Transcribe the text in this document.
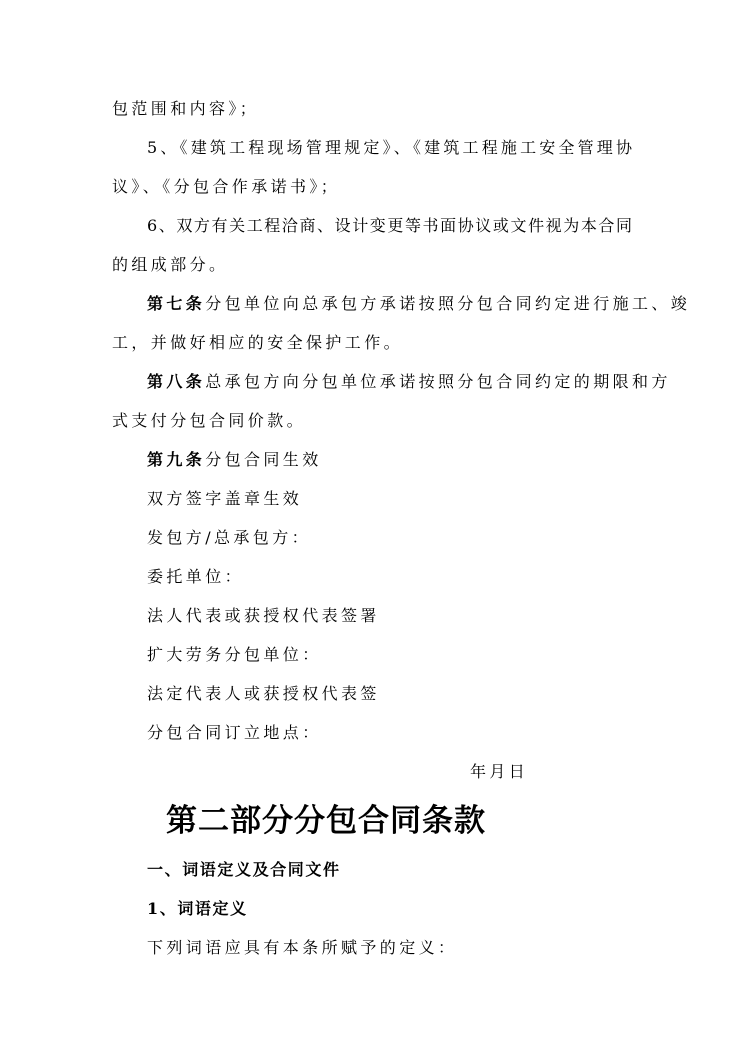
包范围和内容》；
5、《建筑工程现场管理规定》、《建筑工程施工安全管理协
议》、《分包合作承诺书》；
6、双方有关工程洽商、设计变更等书面协议或文件视为本合同
的组成部分。
第七条分包单位向总承包方承诺按照分包合同约定进行施工、竣
工，并做好相应的安全保护工作。
第八条总承包方向分包单位承诺按照分包合同约定的期限和方
式支付分包合同价款。
第九条分包合同生效
双方签字盖章生效
发包方/总承包方：
委托单位：
法人代表或获授权代表签署
扩大劳务分包单位：
法定代表人或获授权代表签
分包合同订立地点：
年月日
第二部分分包合同条款
一、词语定义及合同文件
1、词语定义
下列词语应具有本条所赋予的定义：
